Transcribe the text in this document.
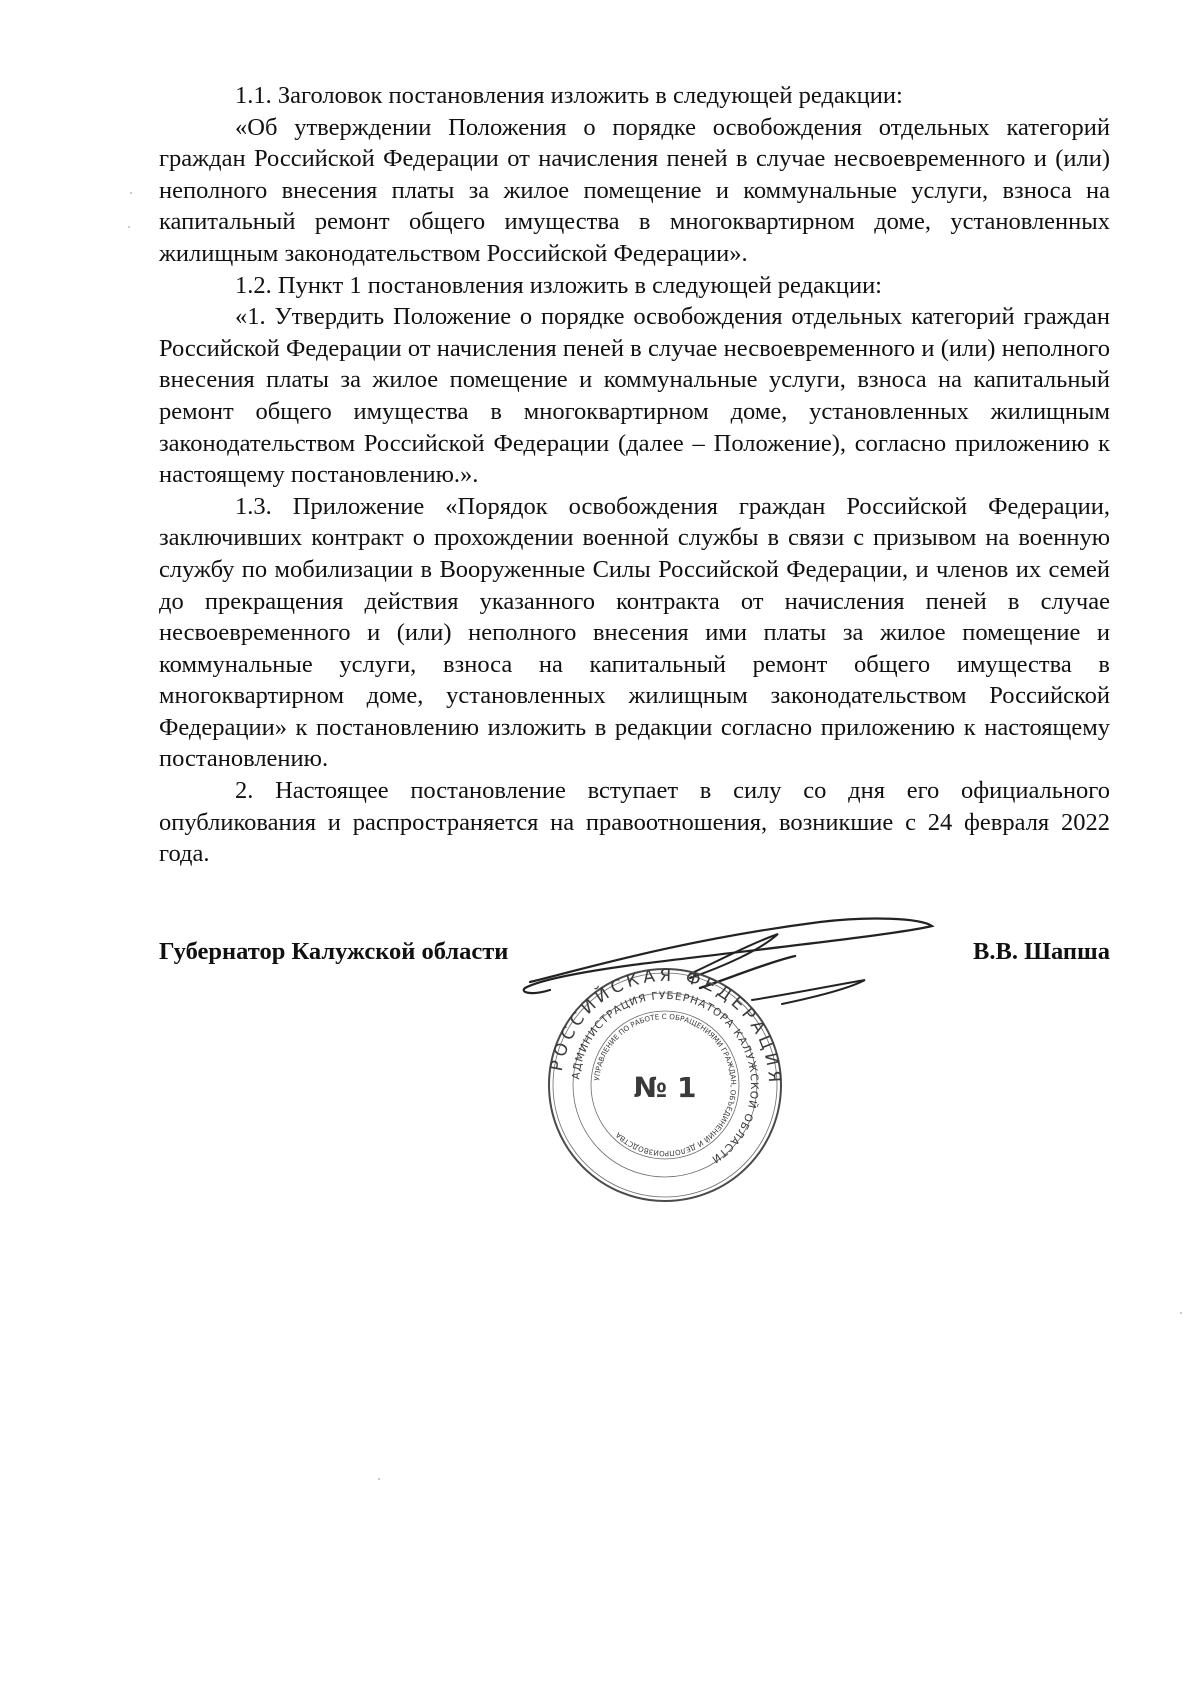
1.1. Заголовок постановления изложить в следующей редакции:

«Об утверждении Положения о порядке освобождения отдельных категорий граждан Российской Федерации от начисления пеней в случае несвоевременного и (или) неполного внесения платы за жилое помещение и коммунальные услуги, взноса на капитальный ремонт общего имущества в многоквартирном доме, установленных жилищным законодательством Российской Федерации».

1.2. Пункт 1 постановления изложить в следующей редакции:

«1. Утвердить Положение о порядке освобождения отдельных категорий граждан Российской Федерации от начисления пеней в случае несвоевременного и (или) неполного внесения платы за жилое помещение и коммунальные услуги, взноса на капитальный ремонт общего имущества в многоквартирном доме, установленных жилищным законодательством Российской Федерации (далее – Положение), согласно приложению к настоящему постановлению.».

1.3. Приложение «Порядок освобождения граждан Российской Федерации, заключивших контракт о прохождении военной службы в связи с призывом на военную службу по мобилизации в Вооруженные Силы Российской Федерации, и членов их семей до прекращения действия указанного контракта от начисления пеней в случае несвоевременного и (или) неполного внесения ими платы за жилое помещение и коммунальные услуги, взноса на капитальный ремонт общего имущества в многоквартирном доме, установленных жилищным законодательством Российской Федерации» к постановлению изложить в редакции согласно приложению к настоящему постановлению.

2. Настоящее постановление вступает в силу со дня его официального опубликования и распространяется на правоотношения, возникшие с 24 февраля 2022 года.

Губернатор Калужской области	В.В. Шапша
РОССИЙСКАЯ ФЕДЕРАЦИЯ
АДМИНИСТРАЦИЯ ГУБЕРНАТОРА КАЛУЖСКОЙ ОБЛАСТИ
УПРАВЛЕНИЕ ПО РАБОТЕ С ОБРАЩЕНИЯМИ ГРАЖДАН, ОБЪЕДИНЕНИЙ И ДЕЛОПРОИЗВОДСТВА
№ 1
